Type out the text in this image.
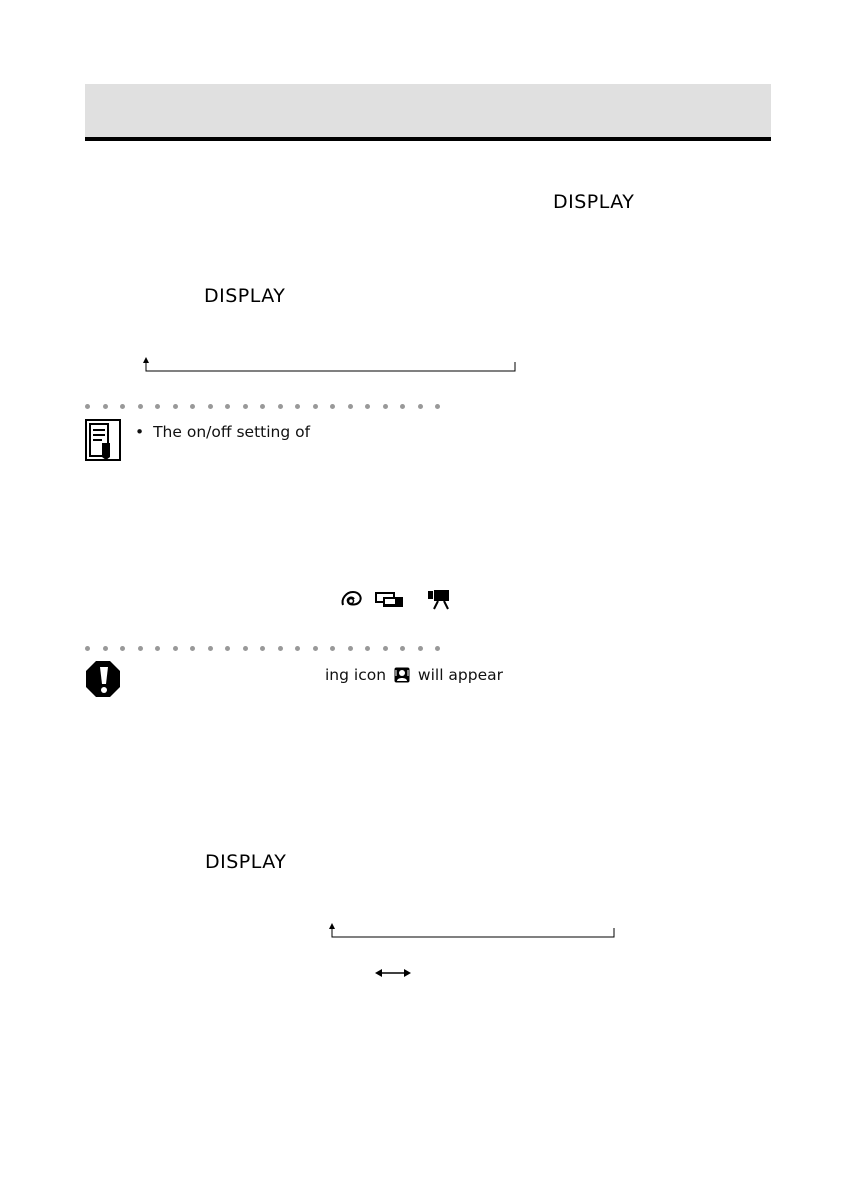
DISPLAY
DISPLAY
• The on/off setting of
ing icon will appear
DISPLAY
